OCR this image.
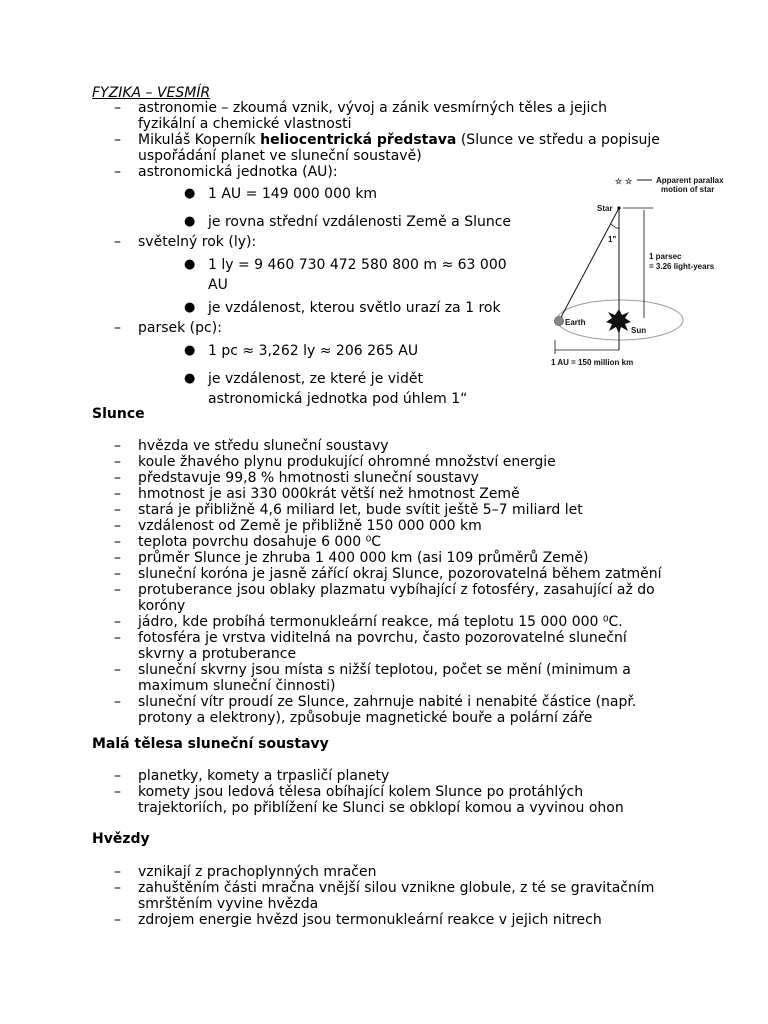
FYZIKA – VESMÍR
– astronomie – zkoumá vznik, vývoj a zánik vesmírných těles a jejich
fyzikální a chemické vlastnosti
– Mikuláš Koperník heliocentrická představa (Slunce ve středu a popisuje
uspořádání planet ve sluneční soustavě)
– astronomická jednotka (AU):
● 1 AU = 149 000 000 km
● je rovna střední vzdálenosti Země a Slunce
– světelný rok (ly):
● 1 ly = 9 460 730 472 580 800 m ≈ 63 000
AU
● je vzdálenost, kterou světlo urazí za 1 rok
– parsek (pc):
● 1 pc ≈ 3,262 ly ≈ 206 265 AU
● je vzdálenost, ze které je vidět
astronomická jednotka pod úhlem 1“
☆ ☆	Apparent parallax
motion of star
Star
1"
1 parsec
= 3.26 light-years
Earth
Sun
1 AU = 150 million km
Slunce
– hvězda ve středu sluneční soustavy
– koule žhavého plynu produkující ohromné množství energie
– představuje 99,8 % hmotnosti sluneční soustavy
– hmotnost je asi 330 000krát větší než hmotnost Země
– stará je přibližně 4,6 miliard let, bude svítit ještě 5–7 miliard let
– vzdálenost od Země je přibližně 150 000 000 km
– teplota povrchu dosahuje 6 000 ⁰C
– průměr Slunce je zhruba 1 400 000 km (asi 109 průměrů Země)
– sluneční koróna je jasně zářící okraj Slunce, pozorovatelná během zatmění
– protuberance jsou oblaky plazmatu vybíhající z fotosféry, zasahující až do
koróny
– jádro, kde probíhá termonukleární reakce, má teplotu 15 000 000 ⁰C.
– fotosféra je vrstva viditelná na povrchu, často pozorovatelné sluneční
skvrny a protuberance
– sluneční skvrny jsou místa s nižší teplotou, počet se mění (minimum a
maximum sluneční činnosti)
– sluneční vítr proudí ze Slunce, zahrnuje nabité i nenabité částice (např.
protony a elektrony), způsobuje magnetické bouře a polární záře
Malá tělesa sluneční soustavy
– planetky, komety a trpasličí planety
– komety jsou ledová tělesa obíhající kolem Slunce po protáhlých
trajektoriích, po přiblížení ke Slunci se obklopí komou a vyvinou ohon
Hvězdy
– vznikají z prachoplynných mračen
– zahuštěním části mračna vnější silou vznikne globule, z té se gravitačním
smrštěním vyvine hvězda
– zdrojem energie hvězd jsou termonukleární reakce v jejich nitrech
